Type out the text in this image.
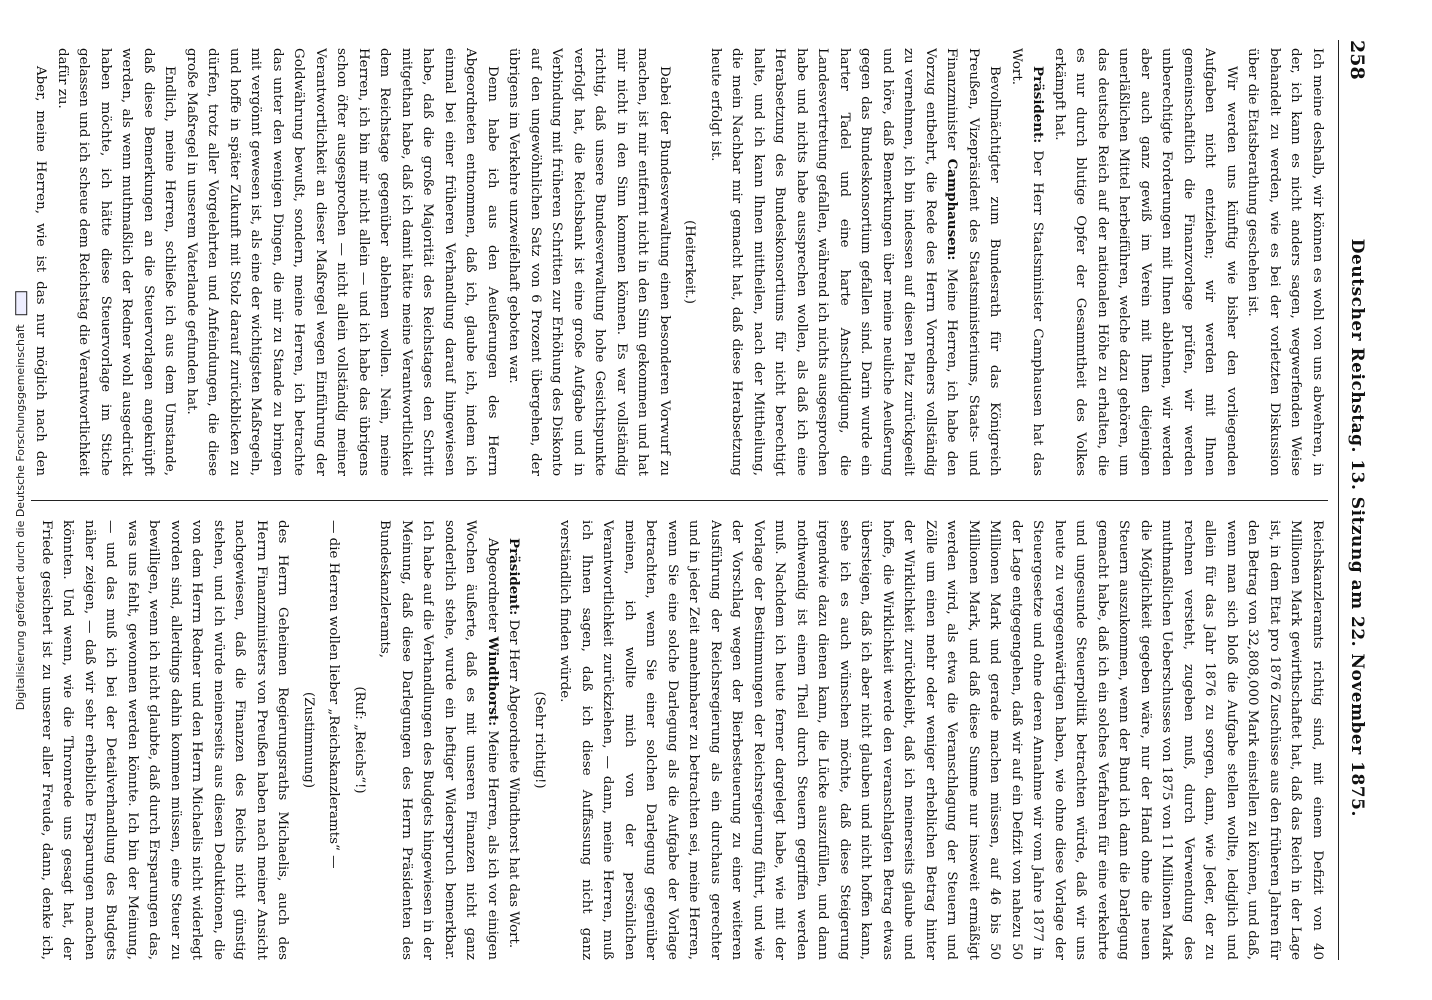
258
Deutscher Reichstag. 13. Sitzung am 22. November 1875.

Ich meine deshalb, wir können es wohl von uns abwehren, in der, ich kann es nicht anders sagen, wegwerfenden Weise behandelt zu werden, wie es bei der vorletzten Diskussion über die Etatsberathung geschehen ist.

Wir werden uns künftig wie bisher den vorliegenden Aufgaben nicht entziehen; wir werden mit Ihnen gemeinschaftlich die Finanzvorlage prüfen, wir werden unberechtigte Forderungen mit Ihnen ablehnen, wir werden aber auch ganz gewiß im Verein mit Ihnen diejenigen unerläßlichen Mittel herbeiführen, welche dazu gehören, um das deutsche Reich auf der nationalen Höhe zu erhalten, die es nur durch blutige Opfer der Gesammtheit des Volkes erkämpft hat.

Präsident: Der Herr Staatsminister Camphausen hat das Wort.

Bevollmächtigter zum Bundesrath für das Königreich Preußen, Vizepräsident des Staatsministeriums, Staats- und Finanzminister Camphausen: Meine Herren, ich habe den Vorzug entbehrt, die Rede des Herrn Vorredners vollständig zu vernehmen, ich bin indessen auf diesen Platz zurückgeeilt und höre, daß Bemerkungen über meine neuliche Aeußerung gegen das Bundeskonsortium gefallen sind. Darin wurde ein harter Tadel und eine harte Anschuldigung, die Landesvertretung gefallen, während ich nichts ausgesprochen habe und nichts habe aussprechen wollen, als daß ich eine Herabsetzung des Bundeskonsortiums für nicht berechtigt halte, und ich kann Ihnen mittheilen, nach der Mittheilung, die mein Nachbar mir gemacht hat, daß diese Herabsetzung heute erfolgt ist.

(Heiterkeit.)

Dabei der Bundesverwaltung einen besonderen Vorwurf zu machen, ist mir entfernt nicht in den Sinn gekommen und hat mir nicht in den Sinn kommen können. Es war vollständig richtig, daß unsere Bundesverwaltung hohe Gesichtspunkte verfolgt hat, die Reichsbank ist eine große Aufgabe und in Verbindung mit früheren Schritten zur Erhöhung des Diskonto auf den ungewöhnlichen Satz von 6 Prozent übergehen, der übrigens im Verkehre unzweifelhaft geboten war.

Denn habe ich aus den Aeußerungen des Herrn Abgeordneten entnommen, daß ich, glaube ich, indem ich einmal bei einer früheren Verhandlung darauf hingewiesen habe, daß die große Majorität des Reichstages den Schritt mitgethan habe, daß ich damit hätte meine Verantwortlichkeit dem Reichstage gegenüber ablehnen wollen. Nein, meine Herren, ich bin mir nicht allein — und ich habe das übrigens schon öfter ausgesprochen — nicht allein vollständig meiner Verantwortlichkeit an dieser Maßregel wegen Einführung der Goldwährung bewußt, sondern, meine Herren, ich betrachte das unter den wenigen Dingen, die mir zu Stande zu bringen mit vergönnt gewesen ist, als eine der wichtigsten Maßregeln, und hoffe in später Zukunft mit Stolz darauf zurückblicken zu dürfen, trotz aller Vorgelehrten und Anfeindungen, die diese große Maßregel in unserem Vaterlande gefunden hat.

Endlich, meine Herren, schließe ich aus dem Umstande, daß diese Bemerkungen an die Steuervorlagen angeknüpft werden, als wenn muthmaßlich der Redner wohl ausgedrückt haben möchte, ich hätte diese Steuervorlage im Stiche gelassen und ich scheue dem Reichstag die Verantwortlichkeit dafür zu.

Aber, meine Herren, wie ist das nur möglich nach den

Reichskanzleramts richtig sind, mit einem Defizit von 40 Millionen Mark gewirthschaftet hat, daß das Reich in der Lage ist, in dem Etat pro 1876 Zuschüsse aus den früheren Jahren für den Betrag von 32,808,000 Mark einstellen zu können, und daß, wenn man sich bloß die Aufgabe stellen wollte, lediglich und allein für das Jahr 1876 zu sorgen, dann, wie Jeder, der zu rechnen versteht, zugeben muß, durch Verwendung des muthmaßlichen Ueberschusses von 1875 von 11 Millionen Mark die Möglichkeit gegeben wäre, nur der Hand ohne die neuen Steuern auszukommen, wenn der Bund ich dann die Darlegung gemacht habe, daß ich ein solches Verfahren für eine verkehrte und ungesunde Steuerpolitik betrachten würde, daß wir uns heute zu vergegenwärtigen haben, wie ohne diese Vorlage der Steuergesetze und ohne deren Annahme wir vom Jahre 1877 in der Lage entgegengehen, daß wir auf ein Defizit von nahezu 50 Millionen Mark und gerade machen müssen, auf 46 bis 50 Millionen Mark, und daß diese Summe nur insoweit ermäßigt werden wird, als etwa die Veranschlagung der Steuern und Zölle um einen mehr oder weniger erheblichen Betrag hinter der Wirklichkeit zurückbleibt, daß ich meinerseits glaube und hoffe, die Wirklichkeit werde den veranschlagten Betrag etwas übersteigen, daß ich aber nicht glauben und nicht hoffen kann, sehe ich es auch wünschen möchte, daß diese Steigerung irgendwie dazu dienen kann, die Lücke auszufüllen, und dann nothwendig ist einem Theil durch Steuern gegriffen werden muß. Nachdem ich heute ferner dargelegt habe, wie mit der Vorlage der Bestimmungen der Reichsregierung führt, und wie der Vorschlag wegen der Bierbesteuerung zu einer weiteren Ausführung der Reichsregierung als ein durchaus gerechter und in jeder Zeit annehmbarer zu betrachten sei, meine Herren, wenn Sie eine solche Darlegung als die Aufgabe der Vorlage betrachten, wenn Sie einer solchen Darlegung gegenüber meinen, ich wollte mich von der persönlichen Verantwortlichkeit zurückziehen, — dann, meine Herren, muß ich Ihnen sagen, daß ich diese Auffassung nicht ganz verständlich finden würde.

(Sehr richtig!)

Präsident: Der Herr Abgeordnete Windthorst hat das Wort.

Abgeordneter Windthorst: Meine Herren, als ich vor einigen Wochen äußerte, daß es mit unseren Finanzen nicht ganz sonderlich stehe, wurde ein heftiger Widerspruch bemerkbar. Ich habe auf die Verhandlungen des Budgets hingewiesen in der Meinung, daß diese Darlegungen des Herrn Präsidenten des Bundeskanzleramts,

(Ruf: „Reichs“!)

— die Herren wollen lieber „Reichskanzleramts“ —

(Zustimmung)

des Herrn Geheimen Regierungsraths Michaelis, auch des Herrn Finanzministers von Preußen haben nach meiner Ansicht nachgewiesen, daß die Finanzen des Reichs nicht günstig stehen, und ich würde meinerseits aus diesen Deduktionen, die von dem Herrn Redner und den Herrn Michaelis nicht widerlegt worden sind, allerdings dahin kommen müssen, eine Steuer zu bewilligen, wenn ich nicht glaubte, daß durch Ersparungen das, was uns fehlt, gewonnen werden könnte. Ich bin der Meinung, — und das muß ich bei der Detailverhandlung des Budgets näher zeigen, — daß wir sehr erhebliche Ersparungen machen könnten. Und wenn, wie die Thronrede uns gesagt hat, der Friede gesichert ist zu unserer aller Freude, dann, denke ich,

Digitalisierung gefördert durch die Deutsche Forschungsgemeinschaft
